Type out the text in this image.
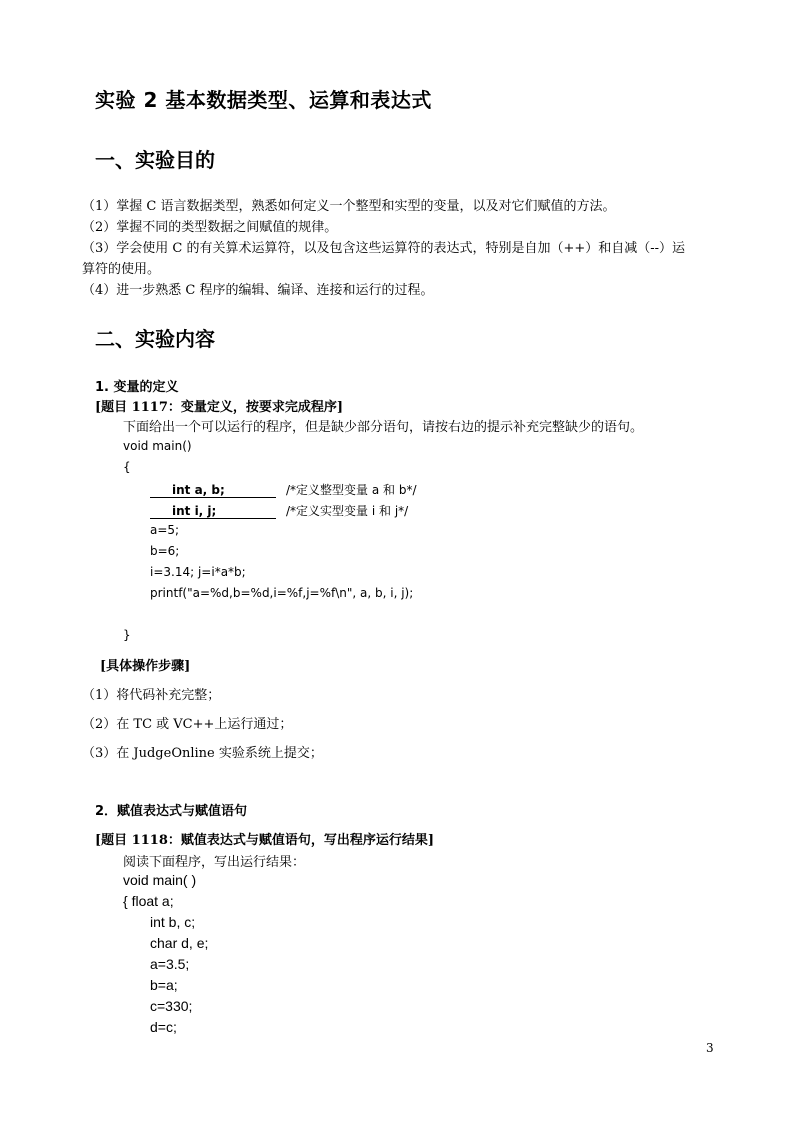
实验 2 基本数据类型、运算和表达式
一、实验目的
（1）掌握 C 语言数据类型，熟悉如何定义一个整型和实型的变量，以及对它们赋值的方法。
（2）掌握不同的类型数据之间赋值的规律。
（3）学会使用 C 的有关算术运算符，以及包含这些运算符的表达式，特别是自加（++）和自减（--）运
算符的使用。
（4）进一步熟悉 C 程序的编辑、编译、连接和运行的过程。
二、实验内容
1. 变量的定义
[题目 1117：变量定义，按要求完成程序]
下面给出一个可以运行的程序，但是缺少部分语句，请按右边的提示补充完整缺少的语句。
void main()
{
int a, b;	/*定义整型变量 a 和 b*/
int i, j;	/*定义实型变量 i 和 j*/
a=5;
b=6;
i=3.14; j=i*a*b;
printf("a=%d,b=%d,i=%f,j=%f\n", a, b, i, j);
}
[具体操作步骤]
（1）将代码补充完整；
（2）在 TC 或 VC++上运行通过；
（3）在 JudgeOnline 实验系统上提交；
2．赋值表达式与赋值语句
[题目 1118：赋值表达式与赋值语句，写出程序运行结果]
阅读下面程序，写出运行结果：
void main( )
{ float a;
int b, c;
char d, e;
a=3.5;
b=a;
c=330;
d=c;
3
